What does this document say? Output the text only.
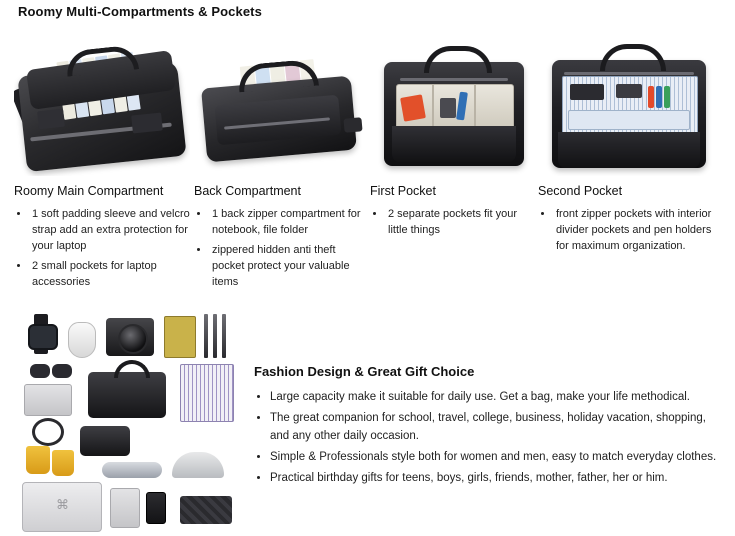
Roomy Multi-Compartments & Pockets
Roomy Main Compartment
• 1 soft padding sleeve and velcro strap add an extra protection for your laptop
• 2 small pockets for laptop accessories
Back Compartment
• 1 back zipper compartment for notebook, file folder
• zippered hidden anti theft pocket protect your valuable items
First Pocket
• 2 separate pockets fit your little things
Second Pocket
• front zipper pockets with interior divider pockets and pen holders for maximum organization.
⌘
Fashion Design & Great Gift Choice
• Large capacity make it suitable for daily use. Get a bag, make your life methodical.
• The great companion for school, travel, college, business, holiday vacation, shopping, and any other daily occasion.
• Simple & Professionals style both for women and men, easy to match everyday clothes.
• Practical birthday gifts for teens, boys, girls, friends, mother, father, her or him.
